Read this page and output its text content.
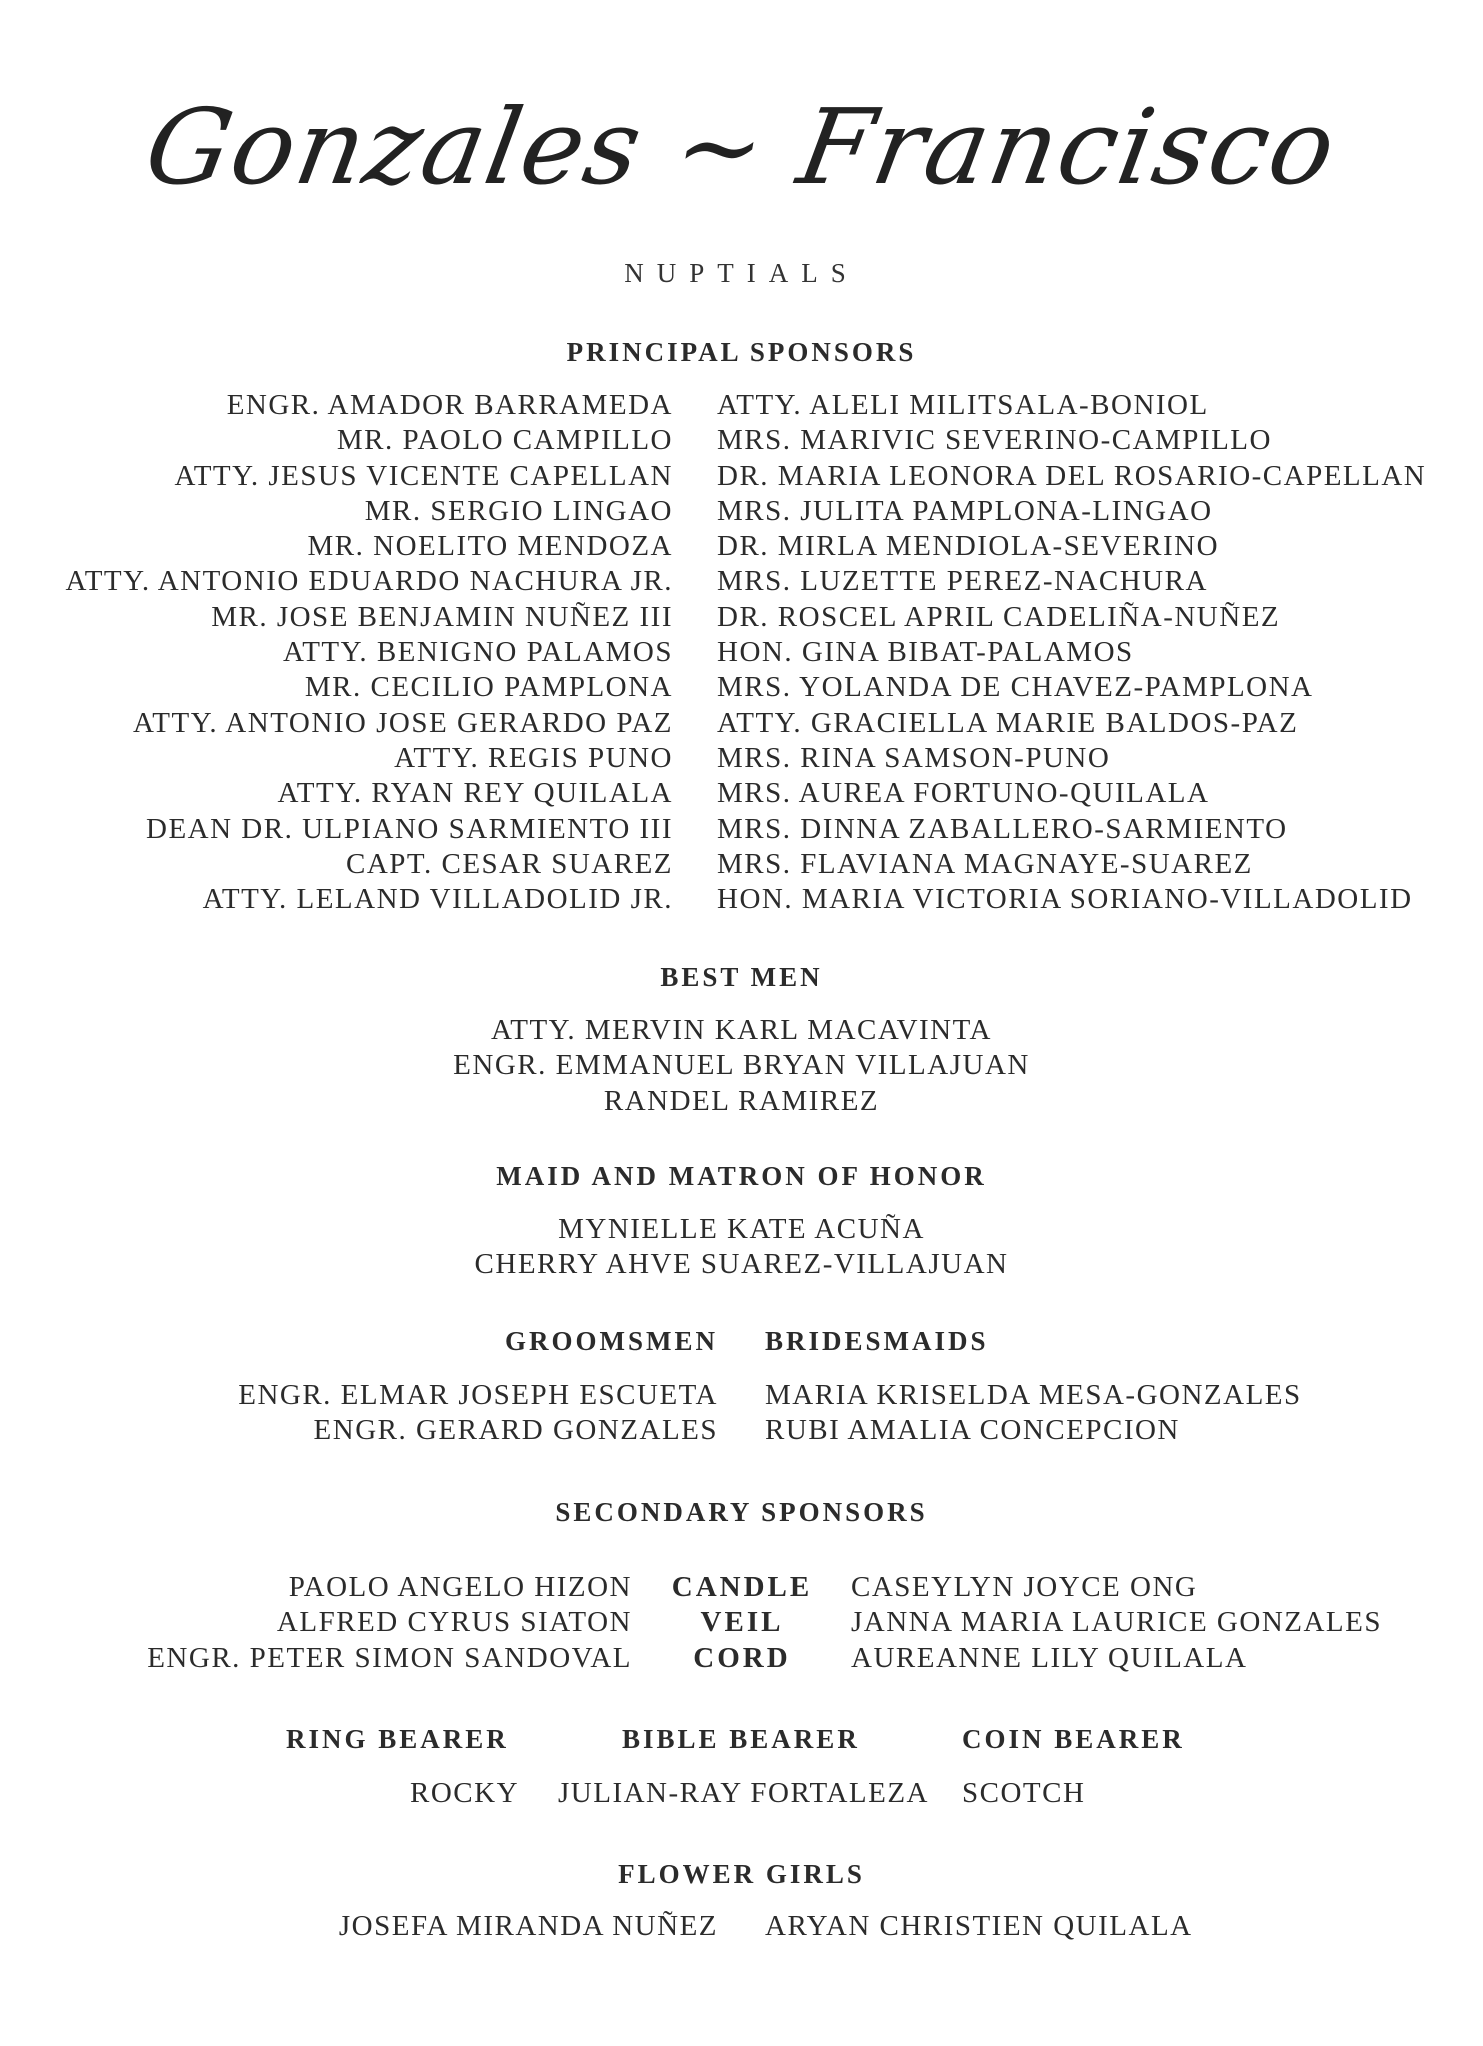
Gonzales ~ Francisco
NUPTIALS
PRINCIPAL SPONSORS
ENGR. AMADOR BARRAMEDA
MR. PAOLO CAMPILLO
ATTY. JESUS VICENTE CAPELLAN
MR. SERGIO LINGAO
MR. NOELITO MENDOZA
ATTY. ANTONIO EDUARDO NACHURA JR.
MR. JOSE BENJAMIN NUÑEZ III
ATTY. BENIGNO PALAMOS
MR. CECILIO PAMPLONA
ATTY. ANTONIO JOSE GERARDO PAZ
ATTY. REGIS PUNO
ATTY. RYAN REY QUILALA
DEAN DR. ULPIANO SARMIENTO III
CAPT. CESAR SUAREZ
ATTY. LELAND VILLADOLID JR.
ATTY. ALELI MILITSALA-BONIOL
MRS. MARIVIC SEVERINO-CAMPILLO
DR. MARIA LEONORA DEL ROSARIO-CAPELLAN
MRS. JULITA PAMPLONA-LINGAO
DR. MIRLA MENDIOLA-SEVERINO
MRS. LUZETTE PEREZ-NACHURA
DR. ROSCEL APRIL CADELIÑA-NUÑEZ
HON. GINA BIBAT-PALAMOS
MRS. YOLANDA DE CHAVEZ-PAMPLONA
ATTY. GRACIELLA MARIE BALDOS-PAZ
MRS. RINA SAMSON-PUNO
MRS. AUREA FORTUNO-QUILALA
MRS. DINNA ZABALLERO-SARMIENTO
MRS. FLAVIANA MAGNAYE-SUAREZ
HON. MARIA VICTORIA SORIANO-VILLADOLID
BEST MEN
ATTY. MERVIN KARL MACAVINTA
ENGR. EMMANUEL BRYAN VILLAJUAN
RANDEL RAMIREZ
MAID AND MATRON OF HONOR
MYNIELLE KATE ACUÑA
CHERRY AHVE SUAREZ-VILLAJUAN
GROOMSMEN BRIDESMAIDS
ENGR. ELMAR JOSEPH ESCUETA
ENGR. GERARD GONZALES
MARIA KRISELDA MESA-GONZALES
RUBI AMALIA CONCEPCION
SECONDARY SPONSORS
PAOLO ANGELO HIZON
ALFRED CYRUS SIATON
ENGR. PETER SIMON SANDOVAL
CANDLE
VEIL
CORD
CASEYLYN JOYCE ONG
JANNA MARIA LAURICE GONZALES
AUREANNE LILY QUILALA
RING BEARER	BIBLE BEARER	COIN BEARER
ROCKY JULIAN-RAY FORTALEZA SCOTCH
FLOWER GIRLS
JOSEFA MIRANDA NUÑEZ ARYAN CHRISTIEN QUILALA
